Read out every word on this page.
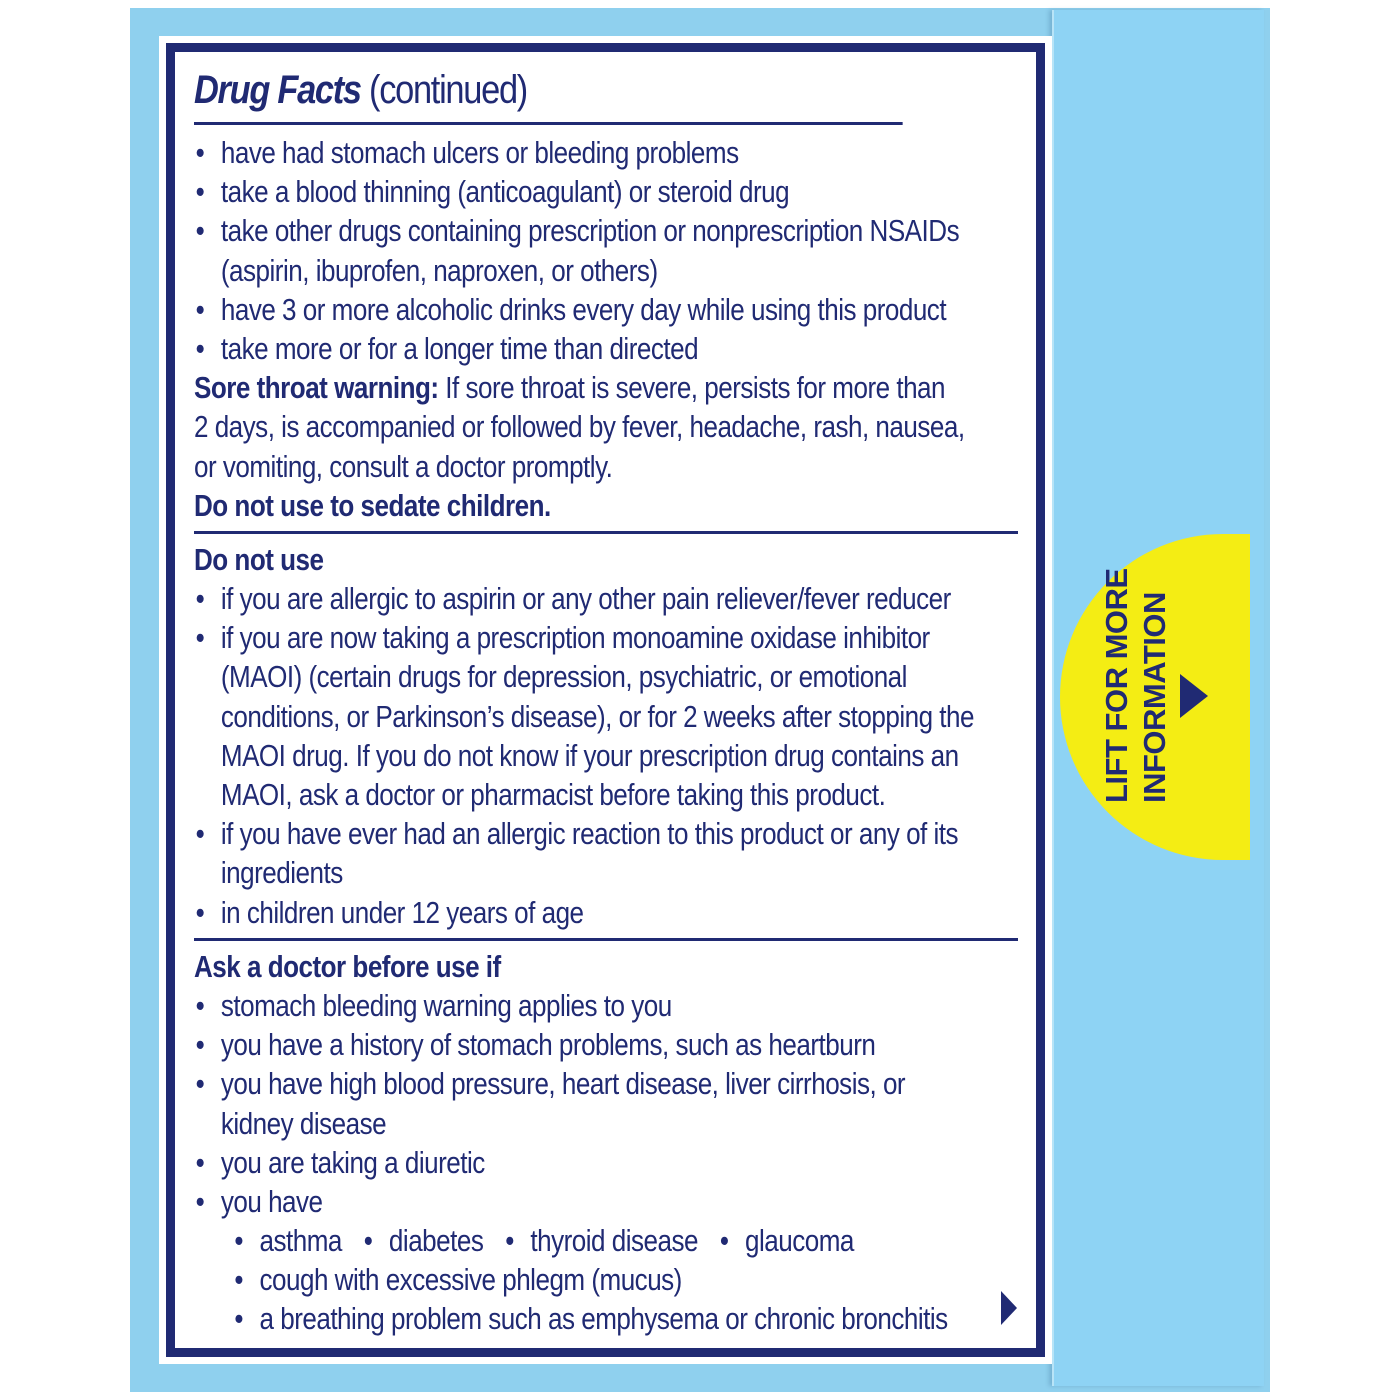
LIFT FOR MORE INFORMATION
Drug Facts (continued)
• have had stomach ulcers or bleeding problems
• take a blood thinning (anticoagulant) or steroid drug
• take other drugs containing prescription or nonprescription NSAIDs
(aspirin, ibuprofen, naproxen, or others)
• have 3 or more alcoholic drinks every day while using this product
• take more or for a longer time than directed
Sore throat warning: If sore throat is severe, persists for more than
2 days, is accompanied or followed by fever, headache, rash, nausea,
or vomiting, consult a doctor promptly.
Do not use to sedate children.
Do not use
• if you are allergic to aspirin or any other pain reliever/fever reducer
• if you are now taking a prescription monoamine oxidase inhibitor
(MAOI) (certain drugs for depression, psychiatric, or emotional
conditions, or Parkinson’s disease), or for 2 weeks after stopping the
MAOI drug. If you do not know if your prescription drug contains an
MAOI, ask a doctor or pharmacist before taking this product.
• if you have ever had an allergic reaction to this product or any of its
ingredients
• in children under 12 years of age
Ask a doctor before use if
• stomach bleeding warning applies to you
• you have a history of stomach problems, such as heartburn
• you have high blood pressure, heart disease, liver cirrhosis, or
kidney disease
• you are taking a diuretic
• you have
• asthma • diabetes • thyroid disease • glaucoma
• cough with excessive phlegm (mucus)
• a breathing problem such as emphysema or chronic bronchitis
